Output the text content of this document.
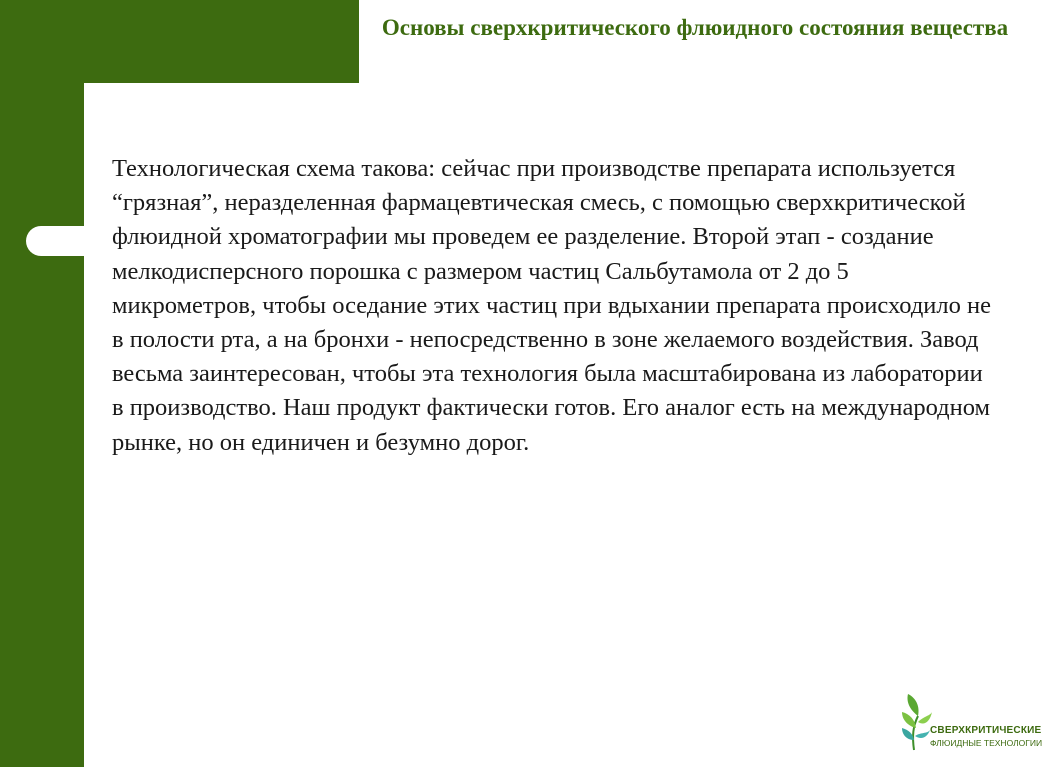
Основы сверхкритического флюидного состояния вещества

Технологическая схема такова: сейчас при производстве препарата используется “грязная”, неразделенная фармацевтическая смесь, с помощью сверхкритической флюидной хроматографии мы проведем ее разделение. Второй этап - создание мелкодисперсного порошка с размером частиц Сальбутамола от 2 до 5 микрометров, чтобы оседание этих частиц при вдыхании препарата происходило не в полости рта, а на бронхи - непосредственно в зоне желаемого воздействия. Завод весьма заинтересован, чтобы эта технология была масштабирована из лаборатории в производство. Наш продукт фактически готов. Его аналог есть на международном рынке, но он единичен и безумно дорог.

СВЕРХКРИТИЧЕСКИЕ
ФЛЮИДНЫЕ ТЕХНОЛОГИИ
